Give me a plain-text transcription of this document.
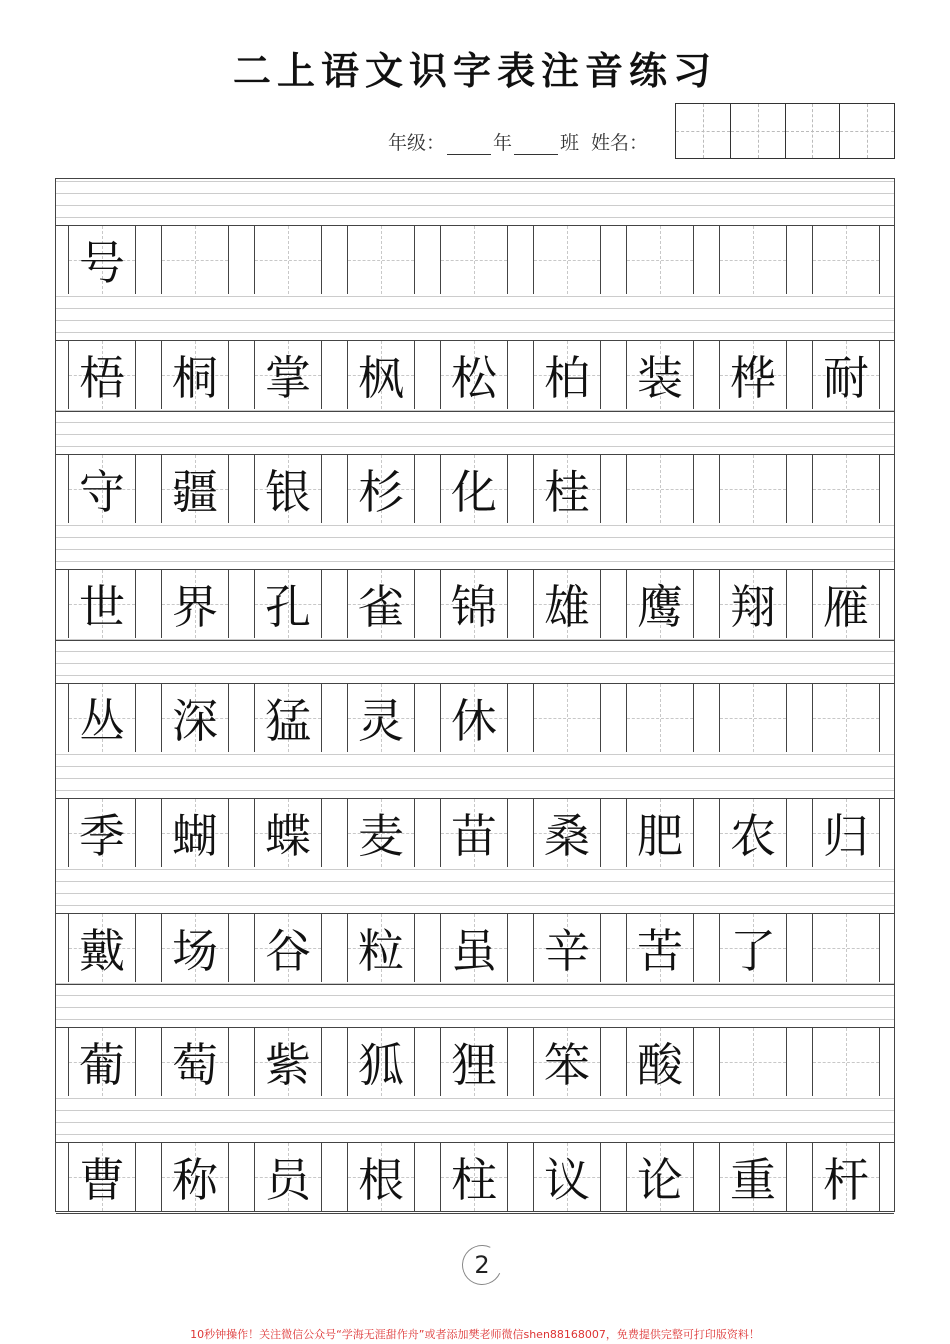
二上语文识字表注音练习
年级：	年	班 姓名：
号
梧 桐 掌 枫 松 柏 装 桦 耐
守 疆 银 杉 化 桂
世 界 孔 雀 锦 雄 鹰 翔 雁
丛 深 猛 灵 休
季 蝴 蝶 麦 苗 桑 肥 农 归
戴 场 谷 粒 虽 辛 苦 了
葡 萄 紫 狐 狸 笨 酸
曹 称 员 根 柱 议 论 重 杆
2
10秒钟操作！关注微信公众号“学海无涯甜作舟”或者添加樊老师微信shen88168007，免费提供完整可打印版资料！
